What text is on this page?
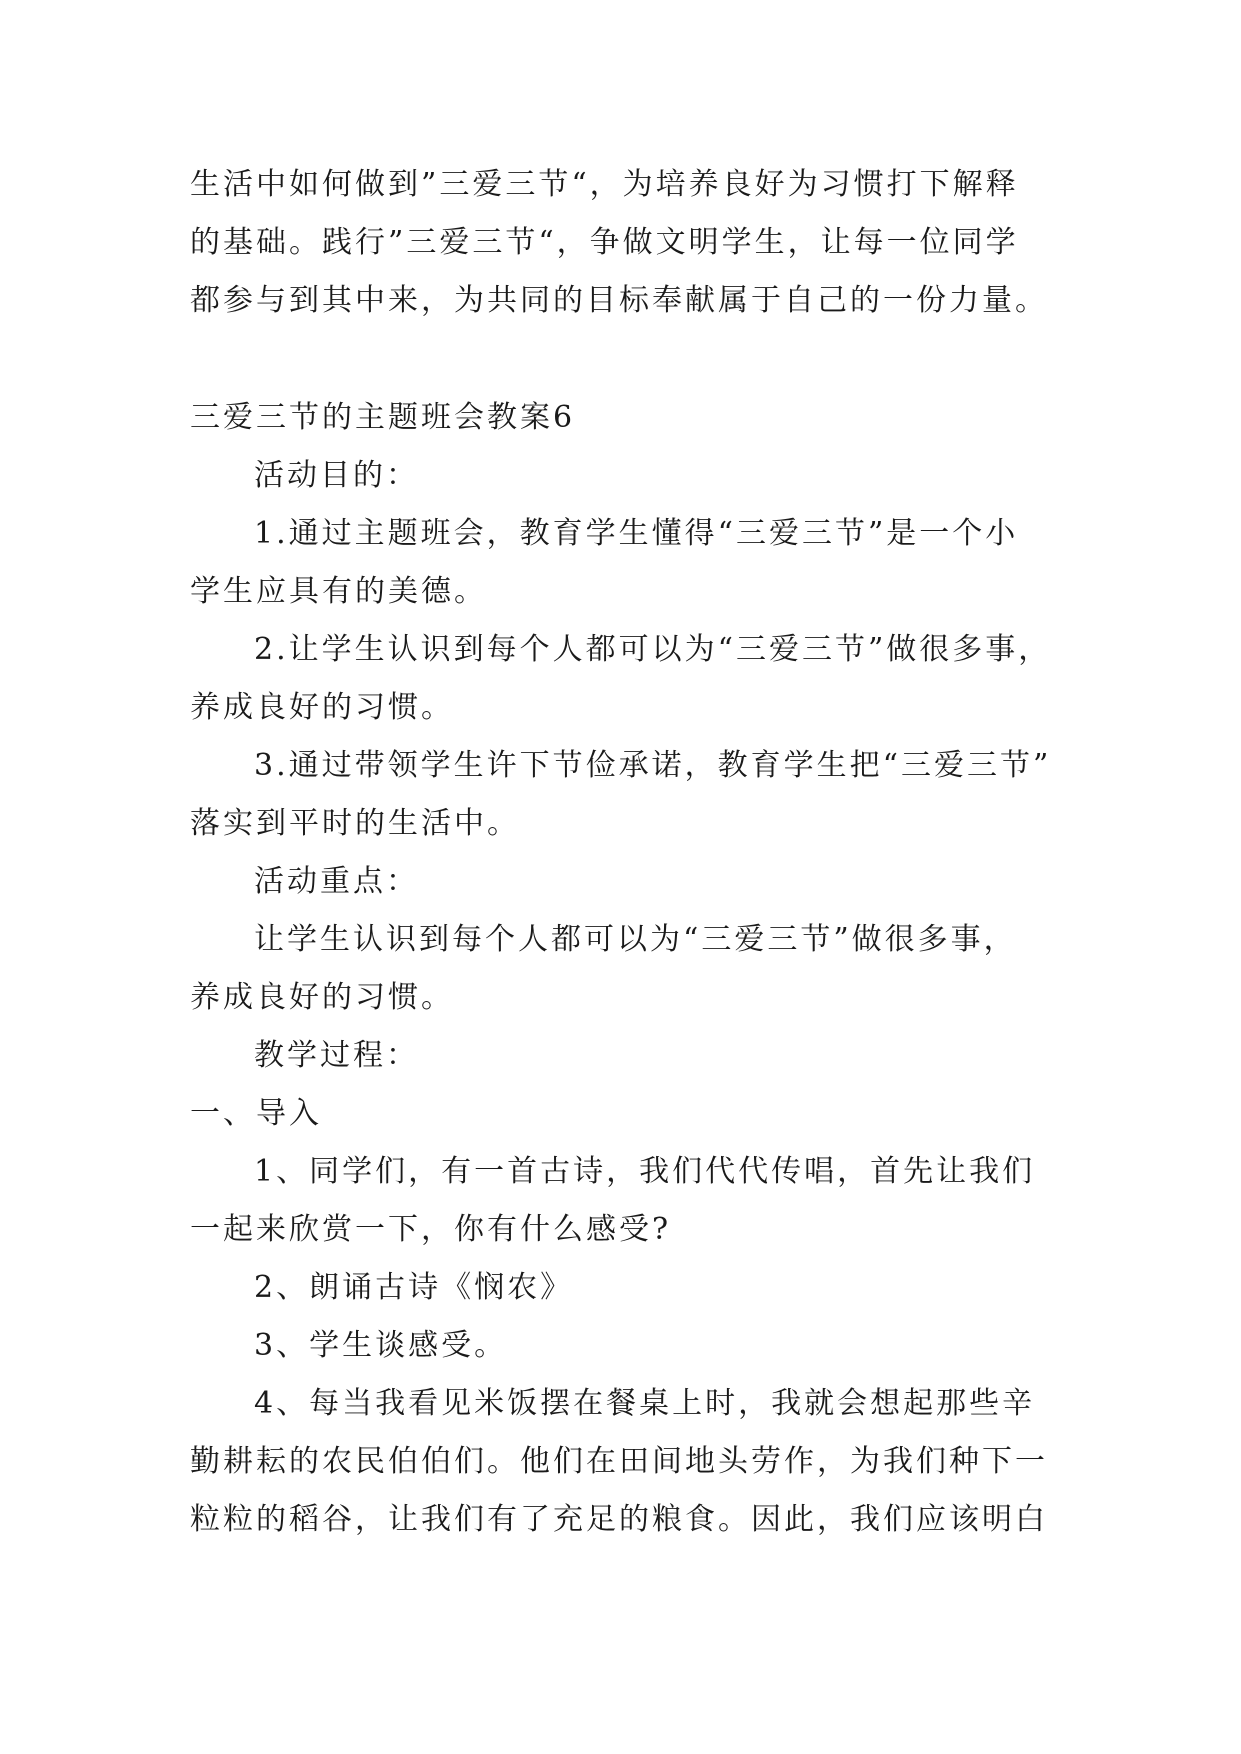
生活中如何做到”三爱三节“，为培养良好为习惯打下解释
的基础。践行”三爱三节“，争做文明学生，让每一位同学
都参与到其中来，为共同的目标奉献属于自己的一份力量。
三爱三节的主题班会教案6
活动目的：
1.通过主题班会，教育学生懂得“三爱三节”是一个小
学生应具有的美德。
2.让学生认识到每个人都可以为“三爱三节”做很多事，
养成良好的习惯。
3.通过带领学生许下节俭承诺，教育学生把“三爱三节”
落实到平时的生活中。
活动重点：
让学生认识到每个人都可以为“三爱三节”做很多事，
养成良好的习惯。
教学过程：
一、导入
1、同学们，有一首古诗，我们代代传唱，首先让我们
一起来欣赏一下，你有什么感受?
2、朗诵古诗《悯农》
3、学生谈感受。
4、每当我看见米饭摆在餐桌上时，我就会想起那些辛
勤耕耘的农民伯伯们。他们在田间地头劳作，为我们种下一
粒粒的稻谷，让我们有了充足的粮食。因此，我们应该明白
